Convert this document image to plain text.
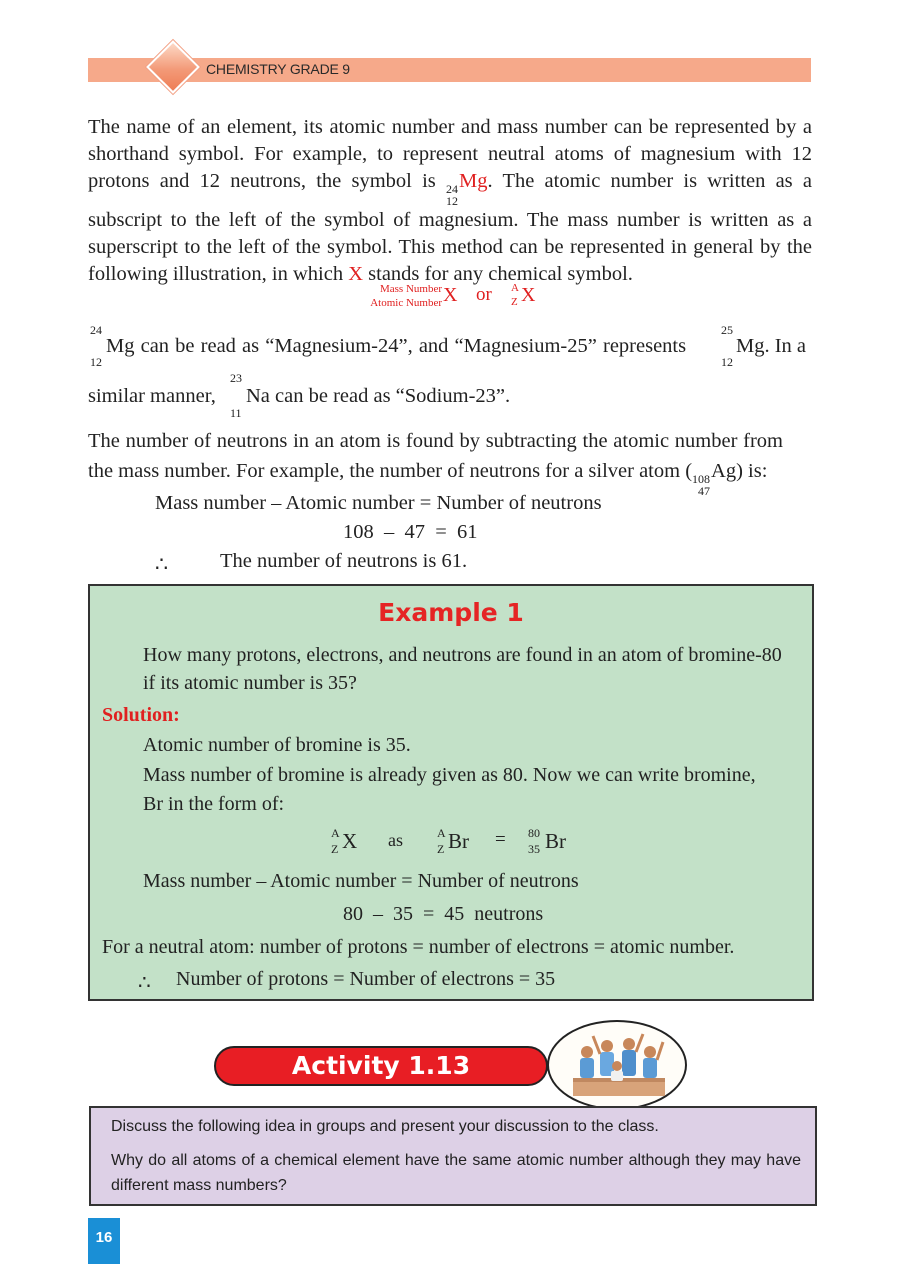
CHEMISTRY GRADE 9
The name of an element, its atomic number and mass number can be represented by a shorthand symbol. For example, to represent neutral atoms of magnesium with 12 protons and 12 neutrons, the symbol is 24
12
Mg. The atomic number is written as a subscript to the left of the symbol of magnesium. The mass number is written as a superscript to the left of the symbol. This method can be represented in general by the following illustration, in which X stands for any chemical symbol.
Mass Number
Atomic Number X or A
Z X
24
12
Mg can be read as “Magnesium-24”, and “Magnesium-25” represents
25
12
Mg. In a
similar manner,
23
11
Na can be read as “Sodium-23”.
The number of neutrons in an atom is found by subtracting the atomic number from
the mass number. For example, the number of neutrons for a silver atom ( 108
47
Ag) is:
Mass number – Atomic number = Number of neutrons
108  –  47  =  61
∴	The number of neutrons is 61.
Example 1
How many protons, electrons, and neutrons are found in an atom of bromine-80
if its atomic number is 35?
Solution:
Atomic number of bromine is 35.
Mass number of bromine is already given as 80. Now we can write bromine,
Br in the form of:
A
Z X as	A
Z Br = 80
35 Br
Mass number – Atomic number = Number of neutrons
80  –  35  =  45  neutrons
For a neutral atom: number of protons = number of electrons = atomic number.
∴ Number of protons = Number of electrons = 35
Activity 1.13
Discuss the following idea in groups and present your discussion to the class.
Why do all atoms of a chemical element have the same atomic number although they may have different mass numbers?
16
